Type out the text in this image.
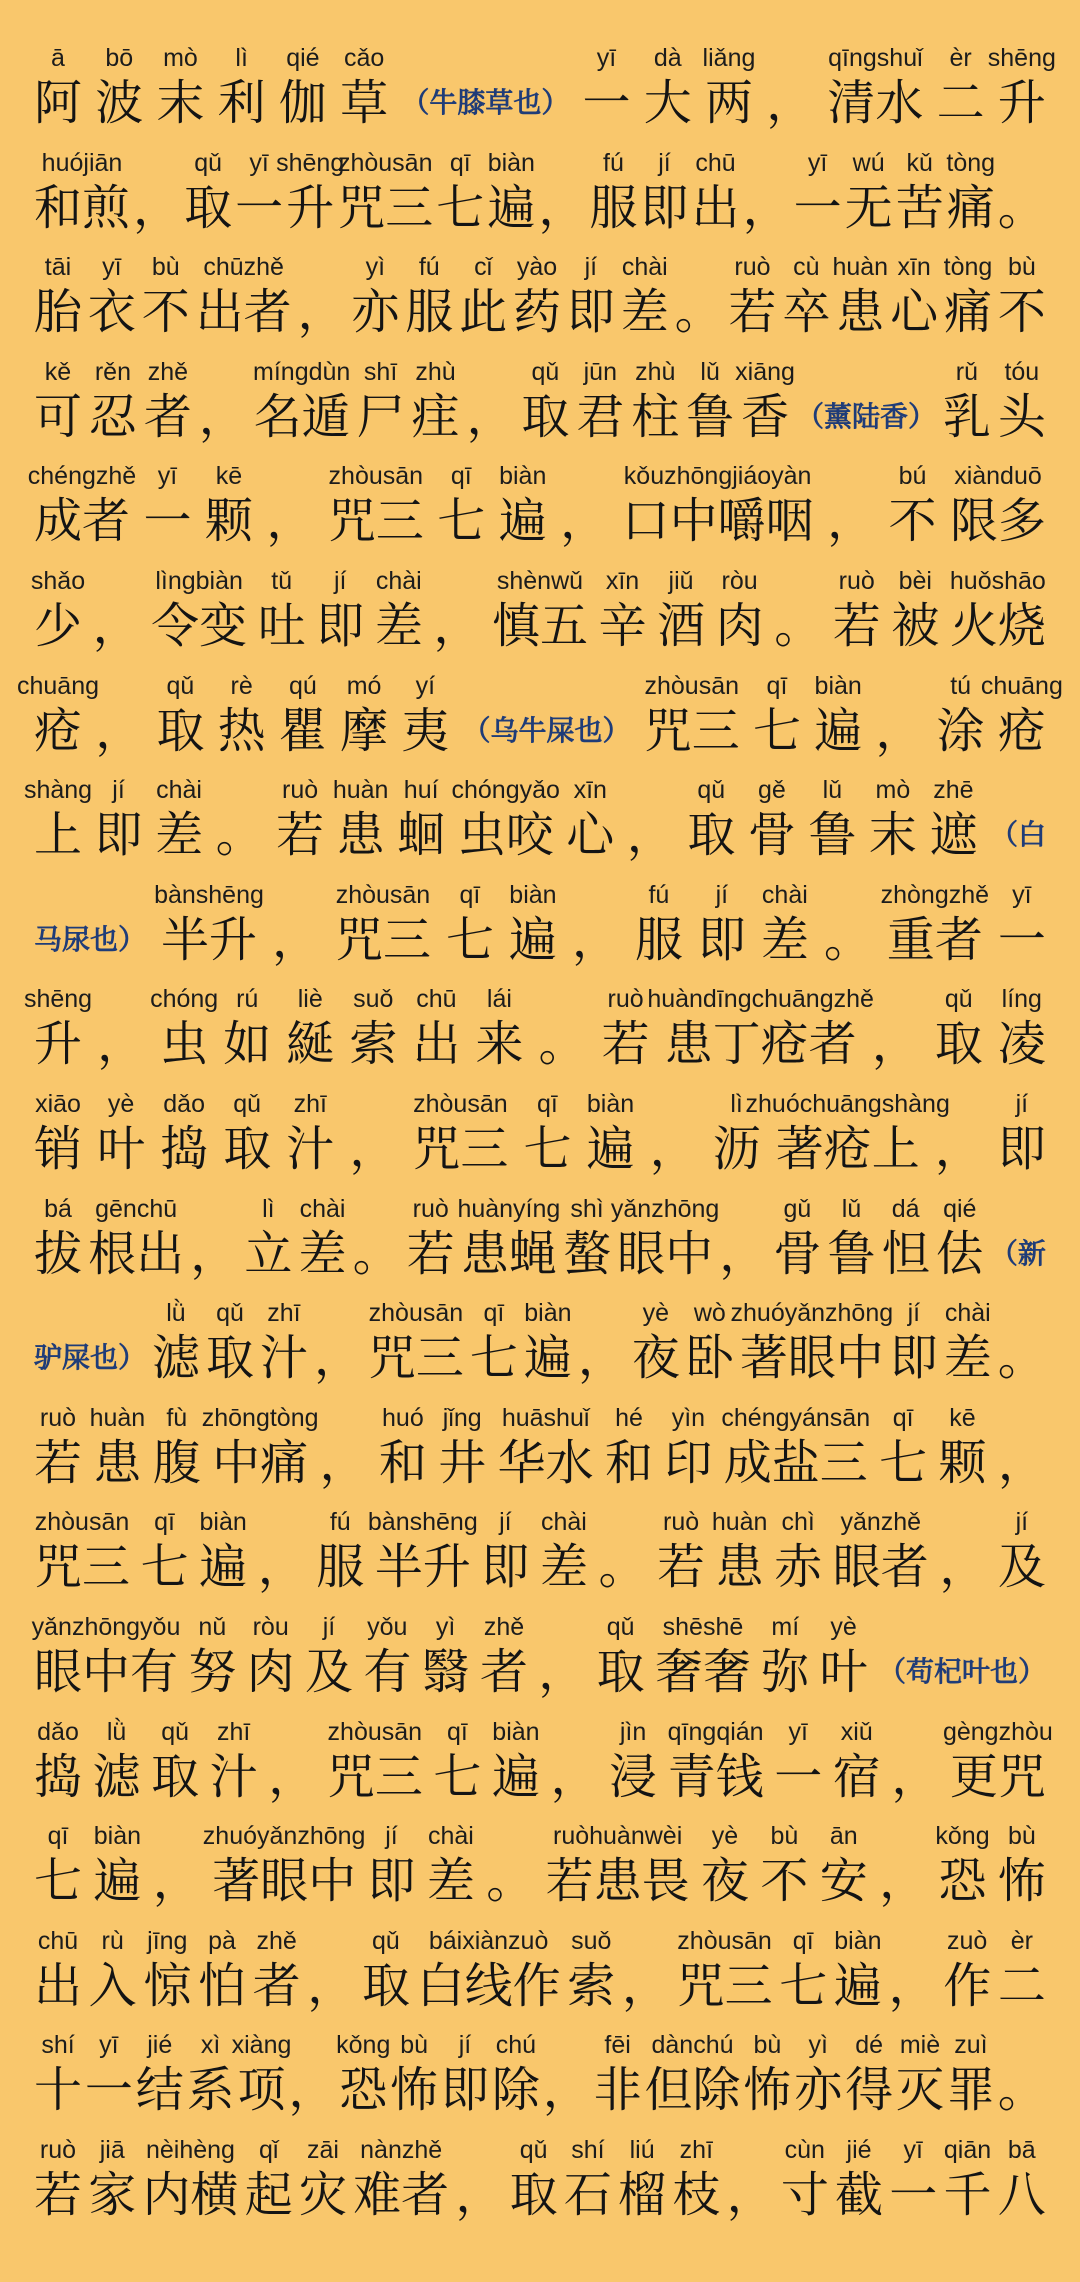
ā
阿
bō
波
mò
末
lì
利
qié
伽
cǎo
草 （牛膝草也）
yī
一
dà
大
liǎng
两 ，
qīngshuǐ
清水
èr
二
shēng
升
huójiān
和煎 ，
qǔ
取
yī
一
shēng
升
zhòusān
咒三
qī
七
biàn
遍 ，
fú
服
jí
即
chū
出 ，
yī
一
wú
无
kǔ
苦
tòng
痛 。
tāi
胎
yī
衣
bù
不
chūzhě
出者 ，
yì
亦
fú
服
cǐ
此
yào
药
jí
即
chài
差 。
ruò
若
cù
卒
huàn
患
xīn
心
tòng
痛
bù
不
kě
可
rěn
忍
zhě
者 ，
míngdùn
名遁
shī
尸
zhù
疰 ，
qǔ
取
jūn
君
zhù
柱
lǔ
鲁
xiāng
香 （薰陆香）
rǔ
乳
tóu
头
chéngzhě
成者
yī
一
kē
颗 ，
zhòusān
咒三
qī
七
biàn
遍 ，
kǒuzhōngjiáoyàn
口中嚼咽 ，
bú
不
xiànduō
限多
shǎo
少 ，
lìngbiàn
令变
tǔ
吐
jí
即
chài
差 ，
shènwǔ
慎五
xīn
辛
jiǔ
酒
ròu
肉 。
ruò
若
bèi
被
huǒshāo
火烧
chuāng
疮 ，
qǔ
取
rè
热
qú
瞿
mó
摩
yí
夷 （乌牛屎也）
zhòusān
咒三
qī
七
biàn
遍 ，
tú
涂
chuāng
疮
shàng
上
jí
即
chài
差 。
ruò
若
huàn
患
huí
蛔
chóngyǎo
虫咬
xīn
心 ，
qǔ
取
gě
骨
lǔ
鲁
mò
末
zhē
遮 （白
马尿也）
bànshēng
半升 ，
zhòusān
咒三
qī
七
biàn
遍 ，
fú
服
jí
即
chài
差 。
zhòngzhě
重者
yī
一
shēng
升 ，
chóng
虫
rú
如
liè
綖
suǒ
索
chū
出
lái
来 。
ruò
若
huàndīngchuāngzhě
患丁疮者 ，
qǔ
取
líng
凌
xiāo
销
yè
叶
dǎo
捣
qǔ
取
zhī
汁 ，
zhòusān
咒三
qī
七
biàn
遍 ，
lì
沥
zhuóchuāngshàng
著疮上 ，
jí
即
bá
拔
gēnchū
根出 ，
lì
立
chài
差 。
ruò
若
huànyíng
患蝇
shì
螯
yǎnzhōng
眼中 ，
gǔ
骨
lǔ
鲁
dá
怛
qié
佉 （新
驴屎也）
lǜ
滤
qǔ
取
zhī
汁 ，
zhòusān
咒三
qī
七
biàn
遍 ，
yè
夜
wò
卧
zhuóyǎnzhōng
著眼中
jí
即
chài
差 。
ruò
若
huàn
患
fù
腹
zhōngtòng
中痛 ，
huó
和
jǐng
井
huāshuǐ
华水
hé
和
yìn
印
chéngyánsān
成盐三
qī
七
kē
颗 ，
zhòusān
咒三
qī
七
biàn
遍 ，
fú
服
bànshēng
半升
jí
即
chài
差 。
ruò
若
huàn
患
chì
赤
yǎnzhě
眼者 ，
jí
及
yǎnzhōngyǒu
眼中有
nǔ
努
ròu
肉
jí
及
yǒu
有
yì
翳
zhě
者 ，
qǔ
取
shēshē
奢奢
mí
弥
yè
叶 （苟杞叶也）
dǎo
捣
lǜ
滤
qǔ
取
zhī
汁 ，
zhòusān
咒三
qī
七
biàn
遍 ，
jìn
浸
qīngqián
青钱
yī
一
xiǔ
宿 ，
gèngzhòu
更咒
qī
七
biàn
遍 ，
zhuóyǎnzhōng
著眼中
jí
即
chài
差 。
ruòhuànwèi
若患畏
yè
夜
bù
不
ān
安 ，
kǒng
恐
bù
怖
chū
出
rù
入
jīng
惊
pà
怕
zhě
者 ，
qǔ
取
báixiànzuò
白线作
suǒ
索 ，
zhòusān
咒三
qī
七
biàn
遍 ，
zuò
作
èr
二
shí
十
yī
一
jié
结
xì
系
xiàng
项 ，
kǒng
恐
bù
怖
jí
即
chú
除 ，
fēi
非
dànchú
但除
bù
怖
yì
亦
dé
得
miè
灭
zuì
罪 。
ruò
若
jiā
家
nèihèng
内横
qǐ
起
zāi
灾
nànzhě
难者 ，
qǔ
取
shí
石
liú
榴
zhī
枝 ，
cùn
寸
jié
截
yī
一
qiān
千
bā
八
